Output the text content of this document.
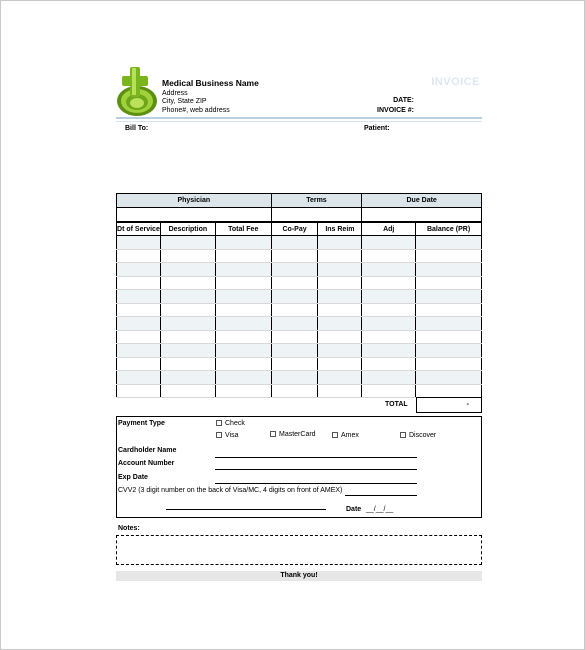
Medical Business Name
Address
City, State ZIP
Phone#, web address
INVOICE
DATE:
INVOICE #:
Bill To:	Patient:
Physician	Terms	Due Date

Dt of Service	Description	Total Fee	Co-Pay	Ins Reim	Adj	Balance (PR)

TOTAL	-
Payment Type	Check
Visa	MasterCard	Amex	Discover
Cardholder Name
Account Number
Exp Date
CVV2 (3 digit number on the back of Visa/MC, 4 digits on front of AMEX)
Date __/__/__
Notes:
Thank you!
